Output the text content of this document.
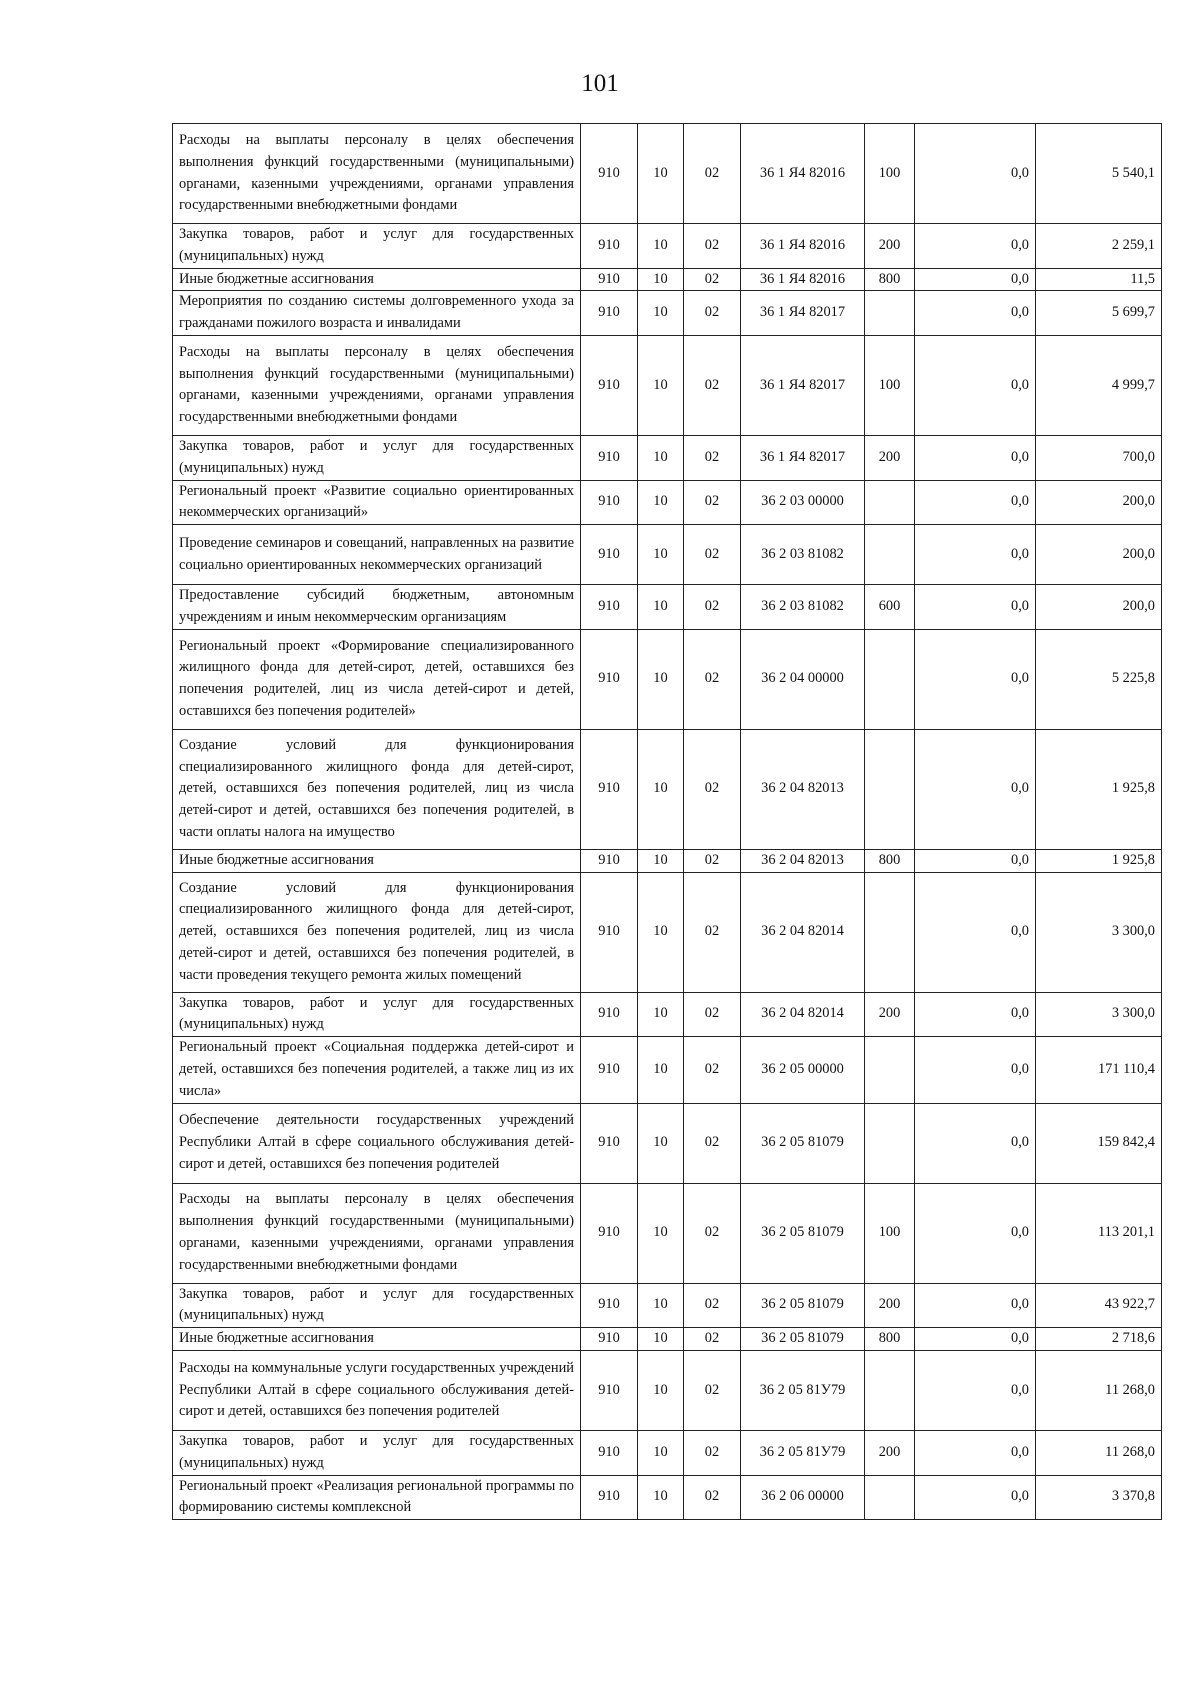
101
Расходы на выплаты персоналу в целях обеспечения выполнения функций государственными (муниципальными) органами, казенными учреждениями, органами управления государственными внебюджетными фондами	910	10	02	36 1 Я4 82016	100	0,0	5 540,1
Закупка товаров, работ и услуг для государственных (муниципальных) нужд	910	10	02	36 1 Я4 82016	200	0,0	2 259,1
Иные бюджетные ассигнования	910	10	02	36 1 Я4 82016	800	0,0	11,5
Мероприятия по созданию системы долговременного ухода за гражданами пожилого возраста и инвалидами	910	10	02	36 1 Я4 82017		0,0	5 699,7
Расходы на выплаты персоналу в целях обеспечения выполнения функций государственными (муниципальными) органами, казенными учреждениями, органами управления государственными внебюджетными фондами	910	10	02	36 1 Я4 82017	100	0,0	4 999,7
Закупка товаров, работ и услуг для государственных (муниципальных) нужд	910	10	02	36 1 Я4 82017	200	0,0	700,0
Региональный проект «Развитие социально ориентированных некоммерческих организаций»	910	10	02	36 2 03 00000		0,0	200,0
Проведение семинаров и совещаний, направленных на развитие социально ориентированных некоммерческих организаций	910	10	02	36 2 03 81082		0,0	200,0
Предоставление субсидий бюджетным, автономным учреждениям и иным некоммерческим организациям	910	10	02	36 2 03 81082	600	0,0	200,0
Региональный проект «Формирование специализированного жилищного фонда для детей-сирот, детей, оставшихся без попечения родителей, лиц из числа детей-сирот и детей, оставшихся без попечения родителей»	910	10	02	36 2 04 00000		0,0	5 225,8
Создание условий для функционирования специализированного жилищного фонда для детей-сирот, детей, оставшихся без попечения родителей, лиц из числа детей-сирот и детей, оставшихся без попечения родителей, в части оплаты налога на имущество	910	10	02	36 2 04 82013		0,0	1 925,8
Иные бюджетные ассигнования	910	10	02	36 2 04 82013	800	0,0	1 925,8
Создание условий для функционирования специализированного жилищного фонда для детей-сирот, детей, оставшихся без попечения родителей, лиц из числа детей-сирот и детей, оставшихся без попечения родителей, в части проведения текущего ремонта жилых помещений	910	10	02	36 2 04 82014		0,0	3 300,0
Закупка товаров, работ и услуг для государственных (муниципальных) нужд	910	10	02	36 2 04 82014	200	0,0	3 300,0
Региональный проект «Социальная поддержка детей-сирот и детей, оставшихся без попечения родителей, а также лиц из их числа»	910	10	02	36 2 05 00000		0,0	171 110,4
Обеспечение деятельности государственных учреждений Республики Алтай в сфере социального обслуживания детей-сирот и детей, оставшихся без попечения родителей	910	10	02	36 2 05 81079		0,0	159 842,4
Расходы на выплаты персоналу в целях обеспечения выполнения функций государственными (муниципальными) органами, казенными учреждениями, органами управления государственными внебюджетными фондами	910	10	02	36 2 05 81079	100	0,0	113 201,1
Закупка товаров, работ и услуг для государственных (муниципальных) нужд	910	10	02	36 2 05 81079	200	0,0	43 922,7
Иные бюджетные ассигнования	910	10	02	36 2 05 81079	800	0,0	2 718,6
Расходы на коммунальные услуги государственных учреждений Республики Алтай в сфере социального обслуживания детей-сирот и детей, оставшихся без попечения родителей	910	10	02	36 2 05 81У79		0,0	11 268,0
Закупка товаров, работ и услуг для государственных (муниципальных) нужд	910	10	02	36 2 05 81У79	200	0,0	11 268,0
Региональный проект «Реализация региональной программы по формированию системы комплексной	910	10	02	36 2 06 00000		0,0	3 370,8
